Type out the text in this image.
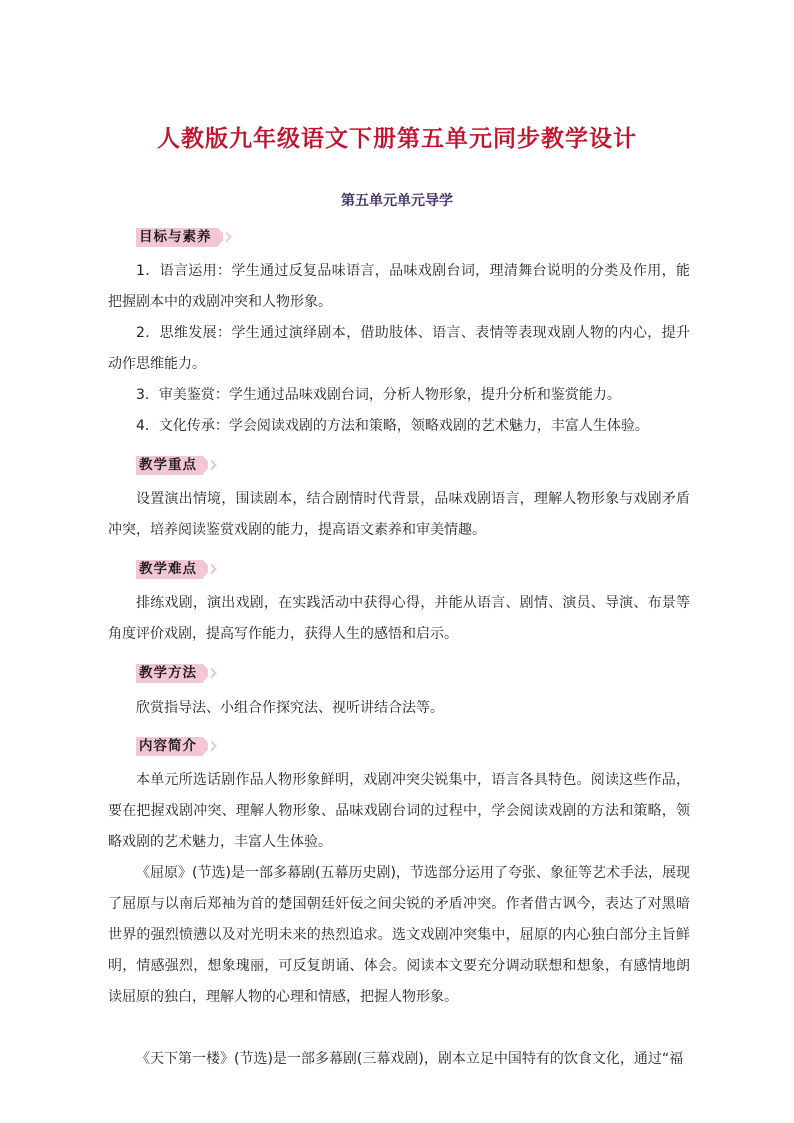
人教版九年级语文下册第五单元同步教学设计
第五单元单元导学
目标与素养

1．语言运用：学生通过反复品味语言，品味戏剧台词，理清舞台说明的分类及作用，能把握剧本中的戏剧冲突和人物形象。

2．思维发展：学生通过演绎剧本，借助肢体、语言、表情等表现戏剧人物的内心，提升动作思维能力。

3．审美鉴赏：学生通过品味戏剧台词，分析人物形象，提升分析和鉴赏能力。

4．文化传承：学会阅读戏剧的方法和策略，领略戏剧的艺术魅力，丰富人生体验。

教学重点

设置演出情境，围读剧本，结合剧情时代背景，品味戏剧语言，理解人物形象与戏剧矛盾冲突，培养阅读鉴赏戏剧的能力，提高语文素养和审美情趣。

教学难点

排练戏剧，演出戏剧，在实践活动中获得心得，并能从语言、剧情、演员、导演、布景等角度评价戏剧，提高写作能力，获得人生的感悟和启示。

教学方法

欣赏指导法、小组合作探究法、视听讲结合法等。

内容简介

本单元所选话剧作品人物形象鲜明，戏剧冲突尖锐集中，语言各具特色。阅读这些作品，要在把握戏剧冲突、理解人物形象、品味戏剧台词的过程中，学会阅读戏剧的方法和策略，领略戏剧的艺术魅力，丰富人生体验。

《屈原》(节选)是一部多幕剧(五幕历史剧)，节选部分运用了夸张、象征等艺术手法，展现了屈原与以南后郑袖为首的楚国朝廷奸佞之间尖锐的矛盾冲突。作者借古讽今，表达了对黑暗世界的强烈愤懑以及对光明未来的热烈追求。选文戏剧冲突集中，屈原的内心独白部分主旨鲜明，情感强烈，想象瑰丽，可反复朗诵、体会。阅读本文要充分调动联想和想象，有感情地朗读屈原的独白，理解人物的心理和情感，把握人物形象。

《天下第一楼》(节选)是一部多幕剧(三幕戏剧)，剧本立足中国特有的饮食文化，通过“福
